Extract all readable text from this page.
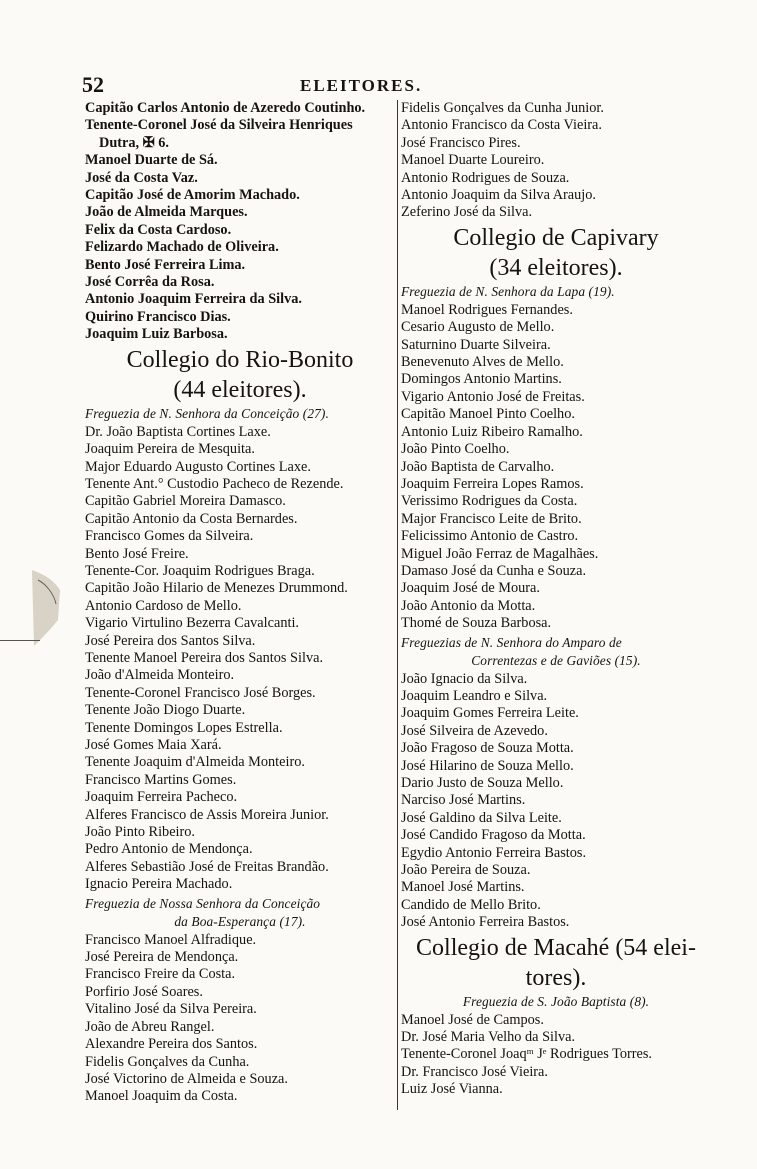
52	ELEITORES.
Capitão Carlos Antonio de Azeredo Coutinho.
Tenente-Coronel José da Silveira Henriques
Dutra, ✠ 6.
Manoel Duarte de Sá.
José da Costa Vaz.
Capitão José de Amorim Machado.
João de Almeida Marques.
Felix da Costa Cardoso.
Felizardo Machado de Oliveira.
Bento José Ferreira Lima.
José Corrêa da Rosa.
Antonio Joaquim Ferreira da Silva.
Quirino Francisco Dias.
Joaquim Luiz Barbosa.
Collegio do Rio-Bonito
(44 eleitores).
Freguezia de N. Senhora da Conceição (27).
Dr. João Baptista Cortines Laxe.
Joaquim Pereira de Mesquita.
Major Eduardo Augusto Cortines Laxe.
Tenente Ant.° Custodio Pacheco de Rezende.
Capitão Gabriel Moreira Damasco.
Capitão Antonio da Costa Bernardes.
Francisco Gomes da Silveira.
Bento José Freire.
Tenente-Cor. Joaquim Rodrigues Braga.
Capitão João Hilario de Menezes Drummond.
Antonio Cardoso de Mello.
Vigario Virtulino Bezerra Cavalcanti.
José Pereira dos Santos Silva.
Tenente Manoel Pereira dos Santos Silva.
João d'Almeida Monteiro.
Tenente-Coronel Francisco José Borges.
Tenente João Diogo Duarte.
Tenente Domingos Lopes Estrella.
José Gomes Maia Xará.
Tenente Joaquim d'Almeida Monteiro.
Francisco Martins Gomes.
Joaquim Ferreira Pacheco.
Alferes Francisco de Assis Moreira Junior.
João Pinto Ribeiro.
Pedro Antonio de Mendonça.
Alferes Sebastião José de Freitas Brandão.
Ignacio Pereira Machado.
Freguezia de Nossa Senhora da Conceição
da Boa-Esperança (17).
Francisco Manoel Alfradique.
José Pereira de Mendonça.
Francisco Freire da Costa.
Porfirio José Soares.
Vitalino José da Silva Pereira.
João de Abreu Rangel.
Alexandre Pereira dos Santos.
Fidelis Gonçalves da Cunha.
José Victorino de Almeida e Souza.
Manoel Joaquim da Costa.
Fidelis Gonçalves da Cunha Junior.
Antonio Francisco da Costa Vieira.
José Francisco Pires.
Manoel Duarte Loureiro.
Antonio Rodrigues de Souza.
Antonio Joaquim da Silva Araujo.
Zeferino José da Silva.
Collegio de Capivary
(34 eleitores).
Freguezia de N. Senhora da Lapa (19).
Manoel Rodrigues Fernandes.
Cesario Augusto de Mello.
Saturnino Duarte Silveira.
Benevenuto Alves de Mello.
Domingos Antonio Martins.
Vigario Antonio José de Freitas.
Capitão Manoel Pinto Coelho.
Antonio Luiz Ribeiro Ramalho.
João Pinto Coelho.
João Baptista de Carvalho.
Joaquim Ferreira Lopes Ramos.
Verissimo Rodrigues da Costa.
Major Francisco Leite de Brito.
Felicissimo Antonio de Castro.
Miguel João Ferraz de Magalhães.
Damaso José da Cunha e Souza.
Joaquim José de Moura.
João Antonio da Motta.
Thomé de Souza Barbosa.
Freguezias de N. Senhora do Amparo de
Correntezas e de Gaviões (15).
João Ignacio da Silva.
Joaquim Leandro e Silva.
Joaquim Gomes Ferreira Leite.
José Silveira de Azevedo.
João Fragoso de Souza Motta.
José Hilarino de Souza Mello.
Dario Justo de Souza Mello.
Narciso José Martins.
José Galdino da Silva Leite.
José Candido Fragoso da Motta.
Egydio Antonio Ferreira Bastos.
João Pereira de Souza.
Manoel José Martins.
Candido de Mello Brito.
José Antonio Ferreira Bastos.
Collegio de Macahé (54 elei-
tores).
Freguezia de S. João Baptista (8).
Manoel José de Campos.
Dr. José Maria Velho da Silva.
Tenente-Coronel Joaqᵐ Jᵉ Rodrigues Torres.
Dr. Francisco José Vieira.
Luiz José Vianna.
